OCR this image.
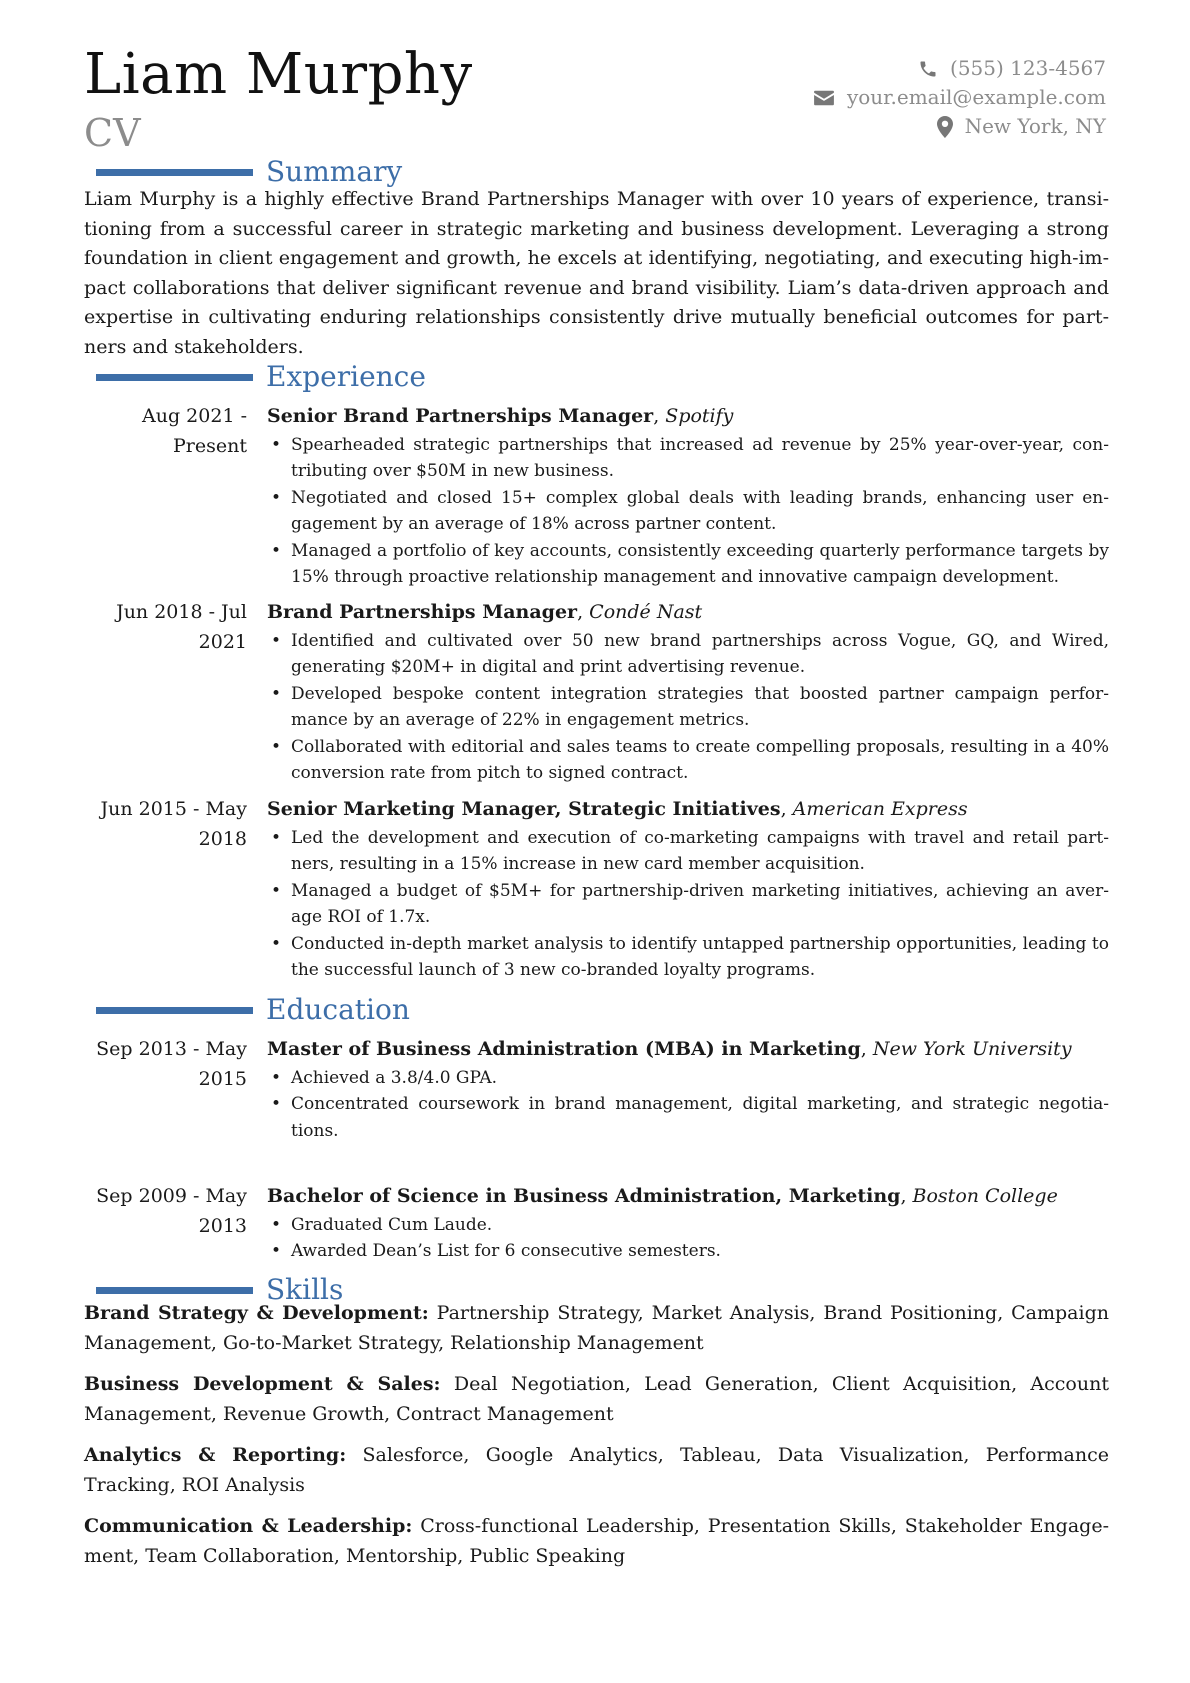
Liam Murphy
CV
(555) 123-4567
your.email@example.com
New York, NY
Summary
Liam Murphy is a highly effective Brand Partnerships Manager with over 10 years of experience, transitioning from a successful career in strategic marketing and business development. Leveraging a strong foundation in client engagement and growth, he excels at identifying, negotiating, and executing high-impact collaborations that deliver significant revenue and brand visibility. Liam’s data-driven approach and expertise in cultivating enduring relationships consistently drive mutually beneficial outcomes for partners and stakeholders.
Experience
Aug 2021 - Present
Senior Brand Partnerships Manager, Spotify
• Spearheaded strategic partnerships that increased ad revenue by 25% year-over-year, contributing over $50M in new business.
• Negotiated and closed 15+ complex global deals with leading brands, enhancing user engagement by an average of 18% across partner content.
• Managed a portfolio of key accounts, consistently exceeding quarterly performance targets by 15% through proactive relationship management and innovative campaign development.
Jun 2018 - Jul 2021
Brand Partnerships Manager, Condé Nast
• Identified and cultivated over 50 new brand partnerships across Vogue, GQ, and Wired, generating $20M+ in digital and print advertising revenue.
• Developed bespoke content integration strategies that boosted partner campaign performance by an average of 22% in engagement metrics.
• Collaborated with editorial and sales teams to create compelling proposals, resulting in a 40% conversion rate from pitch to signed contract.
Jun 2015 - May 2018
Senior Marketing Manager, Strategic Initiatives, American Express
• Led the development and execution of co-marketing campaigns with travel and retail partners, resulting in a 15% increase in new card member acquisition.
• Managed a budget of $5M+ for partnership-driven marketing initiatives, achieving an average ROI of 1.7x.
• Conducted in-depth market analysis to identify untapped partnership opportunities, leading to the successful launch of 3 new co-branded loyalty programs.
Education
Sep 2013 - May 2015
Master of Business Administration (MBA) in Marketing, New York University
• Achieved a 3.8/4.0 GPA.
• Concentrated coursework in brand management, digital marketing, and strategic negotiations.
Sep 2009 - May 2013
Bachelor of Science in Business Administration, Marketing, Boston College
• Graduated Cum Laude.
• Awarded Dean’s List for 6 consecutive semesters.
Skills
Brand Strategy & Development: Partnership Strategy, Market Analysis, Brand Positioning, Campaign Management, Go-to-Market Strategy, Relationship Management
Business Development & Sales: Deal Negotiation, Lead Generation, Client Acquisition, Account Management, Revenue Growth, Contract Management
Analytics & Reporting: Salesforce, Google Analytics, Tableau, Data Visualization, Performance Tracking, ROI Analysis
Communication & Leadership: Cross-functional Leadership, Presentation Skills, Stakeholder Engagement, Team Collaboration, Mentorship, Public Speaking
